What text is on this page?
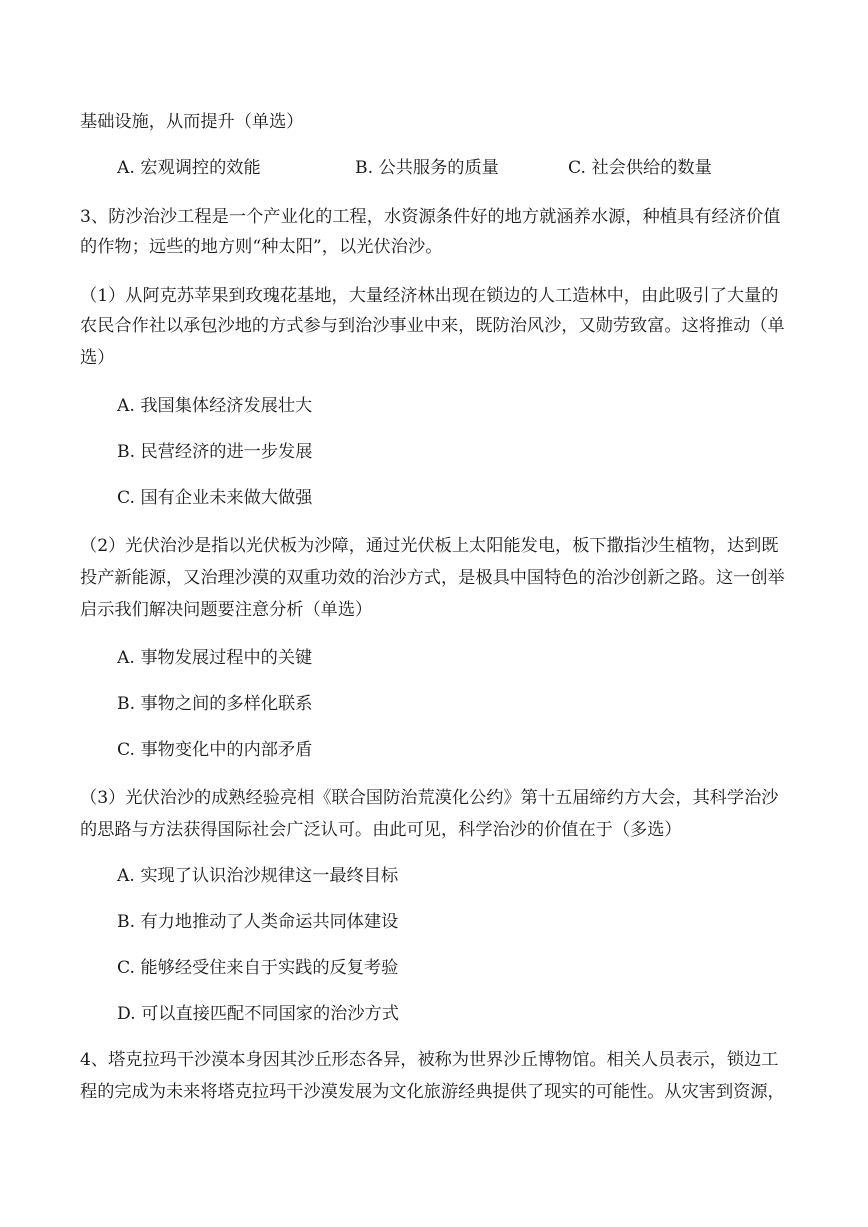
基础设施，从而提升（单选）
A. 宏观调控的效能	B. 公共服务的质量	C. 社会供给的数量
3、防沙治沙工程是一个产业化的工程，水资源条件好的地方就涵养水源，种植具有经济价值
的作物；远些的地方则“种太阳”，以光伏治沙。
（1）从阿克苏苹果到玫瑰花基地，大量经济林出现在锁边的人工造林中，由此吸引了大量的
农民合作社以承包沙地的方式参与到治沙事业中来，既防治风沙，又勋劳致富。这将推动（单
选）
A. 我国集体经济发展壮大
B. 民营经济的进一步发展
C. 国有企业未来做大做强
（2）光伏治沙是指以光伏板为沙障，通过光伏板上太阳能发电，板下撒指沙生植物，达到既
投产新能源，又治理沙漠的双重功效的治沙方式，是极具中国特色的治沙创新之路。这一创举
启示我们解决问题要注意分析（单选）
A. 事物发展过程中的关键
B. 事物之间的多样化联系
C. 事物变化中的内部矛盾
（3）光伏治沙的成熟经验亮相《联合国防治荒漠化公约》第十五届缔约方大会，其科学治沙
的思路与方法获得国际社会广泛认可。由此可见，科学治沙的价值在于（多选）
A. 实现了认识治沙规律这一最终目标
B. 有力地推动了人类命运共同体建设
C. 能够经受住来自于实践的反复考验
D. 可以直接匹配不同国家的治沙方式
4、塔克拉玛干沙漠本身因其沙丘形态各异，被称为世界沙丘博物馆。相关人员表示，锁边工
程的完成为未来将塔克拉玛干沙漠发展为文化旅游经典提供了现实的可能性。从灾害到资源，
